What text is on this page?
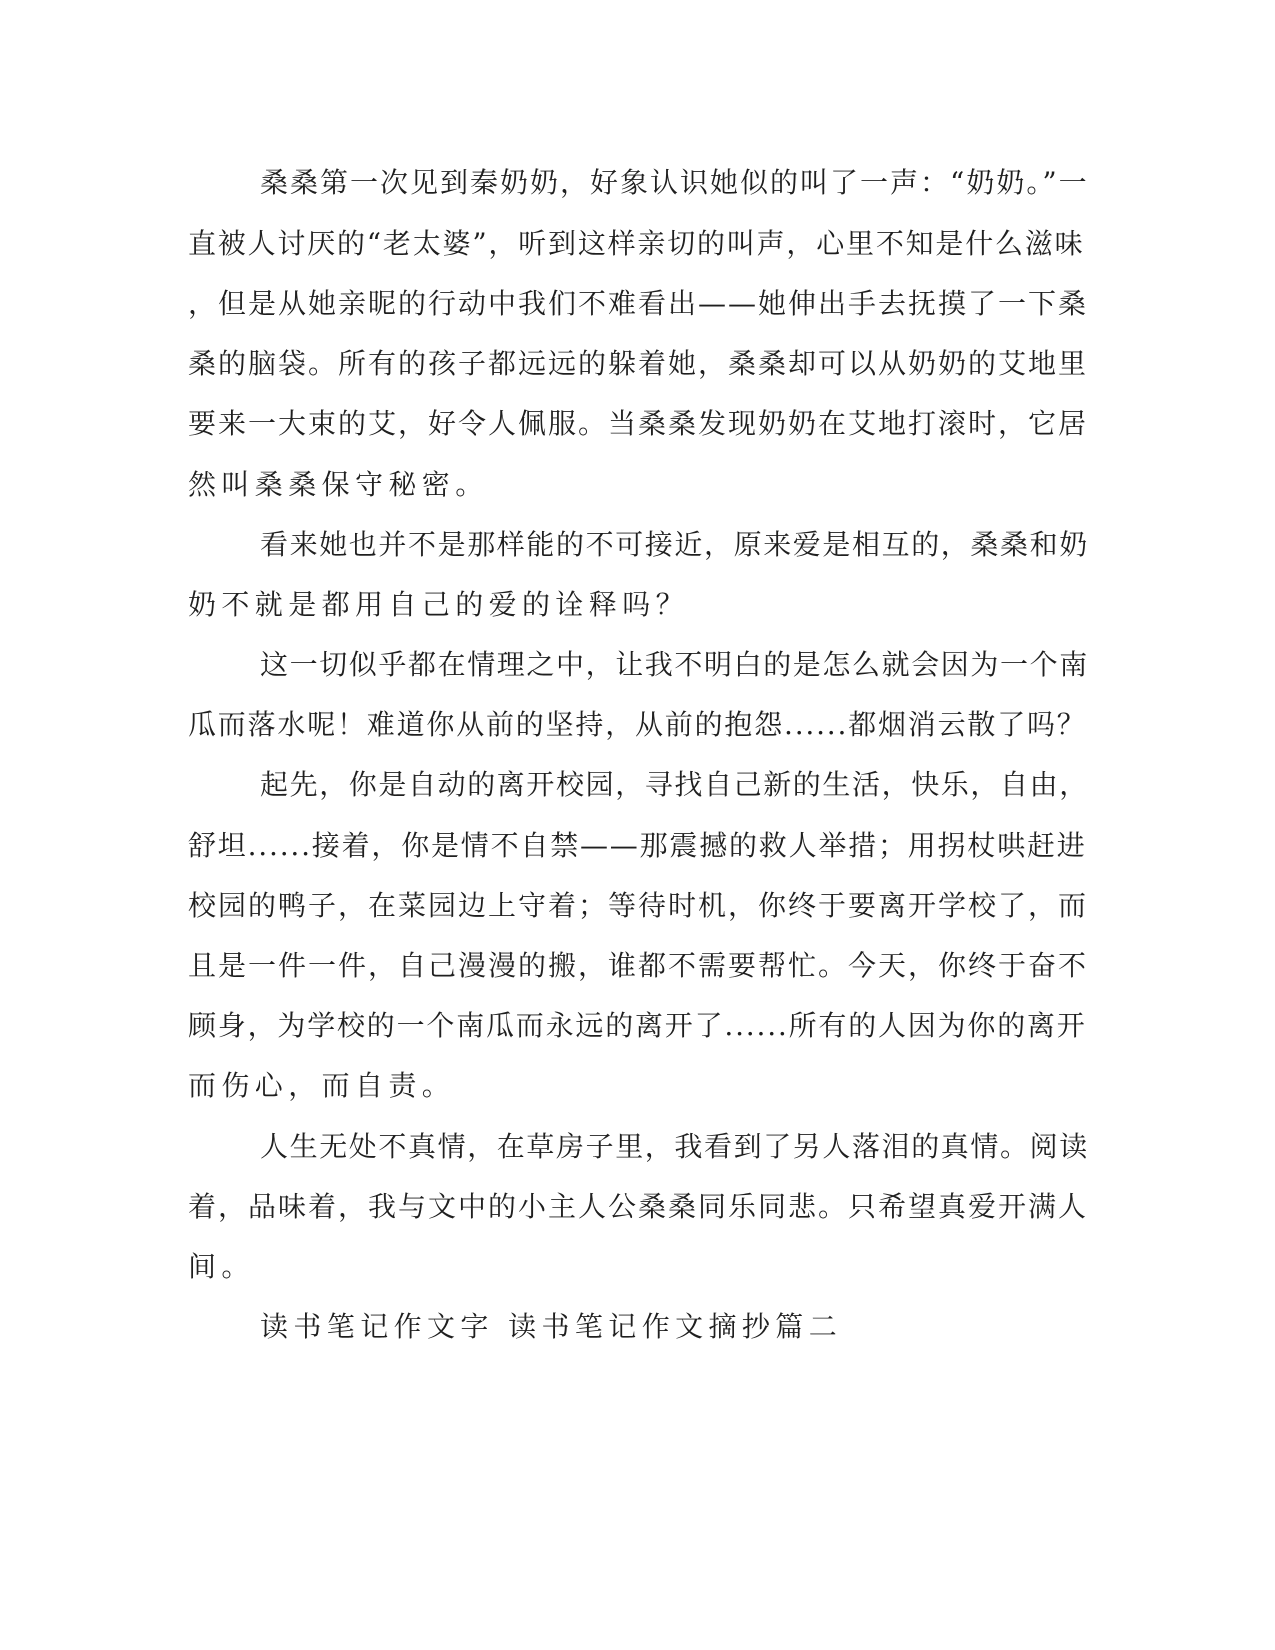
桑桑第一次见到秦奶奶，好象认识她似的叫了一声：“奶奶。”一

直被人讨厌的“老太婆”，听到这样亲切的叫声，心里不知是什么滋味

，但是从她亲昵的行动中我们不难看出——她伸出手去抚摸了一下桑

桑的脑袋。所有的孩子都远远的躲着她，桑桑却可以从奶奶的艾地里

要来一大束的艾，好令人佩服。当桑桑发现奶奶在艾地打滚时，它居

然叫桑桑保守秘密。

看来她也并不是那样能的不可接近，原来爱是相互的，桑桑和奶

奶不就是都用自己的爱的诠释吗？

这一切似乎都在情理之中，让我不明白的是怎么就会因为一个南

瓜而落水呢！难道你从前的坚持，从前的抱怨......都烟消云散了吗？

起先，你是自动的离开校园，寻找自己新的生活，快乐，自由，

舒坦......接着，你是情不自禁——那震撼的救人举措；用拐杖哄赶进

校园的鸭子，在菜园边上守着；等待时机，你终于要离开学校了，而

且是一件一件，自己漫漫的搬，谁都不需要帮忙。今天，你终于奋不

顾身，为学校的一个南瓜而永远的离开了......所有的人因为你的离开

而伤心，而自责。

人生无处不真情，在草房子里，我看到了另人落泪的真情。阅读

着，品味着，我与文中的小主人公桑桑同乐同悲。只希望真爱开满人

间。

读书笔记作文字 读书笔记作文摘抄篇二
